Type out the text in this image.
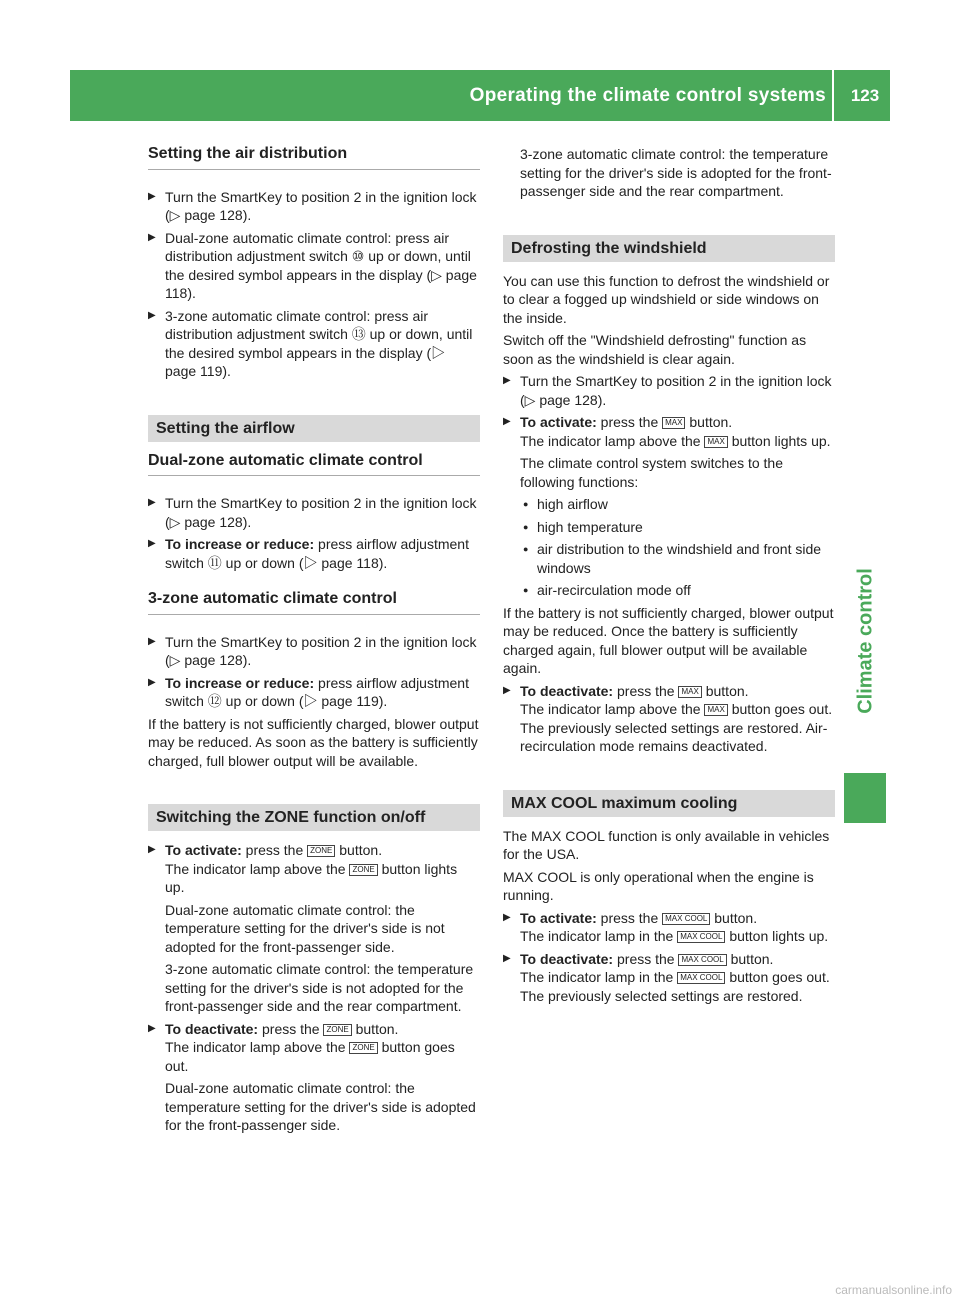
Operating the climate control systems	123
Climate control
Setting the air distribution
▶ Turn the SmartKey to position 2 in the ignition lock (▷ page 128).
▶ Dual-zone automatic climate control: press air distribution adjustment switch ⑩ up or down, until the desired symbol appears in the display (▷ page 118).
▶ 3-zone automatic climate control: press air distribution adjustment switch ⑬ up or down, until the desired symbol appears in the display (▷ page 119).
Setting the airflow
Dual-zone automatic climate control
▶ Turn the SmartKey to position 2 in the ignition lock (▷ page 128).
▶ To increase or reduce: press airflow adjustment switch ⑪ up or down (▷ page 118).
3-zone automatic climate control
▶ Turn the SmartKey to position 2 in the ignition lock (▷ page 128).
▶ To increase or reduce: press airflow adjustment switch ⑫ up or down (▷ page 119).

If the battery is not sufficiently charged, blower output may be reduced. As soon as the battery is sufficiently charged, full blower output will be available.

Switching the ZONE function on/off
▶ To activate: press the ZONE button.
The indicator lamp above the ZONE button lights up.

Dual-zone automatic climate control: the temperature setting for the driver's side is not adopted for the front-passenger side.

3-zone automatic climate control: the temperature setting for the driver's side is not adopted for the front-passenger side and the rear compartment.

▶ To deactivate: press the ZONE button.
The indicator lamp above the ZONE button goes out.

Dual-zone automatic climate control: the temperature setting for the driver's side is adopted for the front-passenger side.

3-zone automatic climate control: the temperature setting for the driver's side is adopted for the front-passenger side and the rear compartment.

Defrosting the windshield

You can use this function to defrost the windshield or to clear a fogged up windshield or side windows on the inside.

Switch off the "Windshield defrosting" function as soon as the windshield is clear again.

▶ Turn the SmartKey to position 2 in the ignition lock (▷ page 128).
▶ To activate: press the MAX button.
The indicator lamp above the MAX button lights up.

The climate control system switches to the following functions:

● high airflow
● high temperature
● air distribution to the windshield and front side windows
● air-recirculation mode off

If the battery is not sufficiently charged, blower output may be reduced. Once the battery is sufficiently charged again, full blower output will be available again.

▶ To deactivate: press the MAX button.
The indicator lamp above the MAX button goes out. The previously selected settings are restored. Air-recirculation mode remains deactivated.
MAX COOL maximum cooling

The MAX COOL function is only available in vehicles for the USA.

MAX COOL is only operational when the engine is running.

▶ To activate: press the MAX COOL button.
The indicator lamp in the MAX COOL button lights up.
▶ To deactivate: press the MAX COOL button.
The indicator lamp in the MAX COOL button goes out. The previously selected settings are restored.
carmanualsonline.info
